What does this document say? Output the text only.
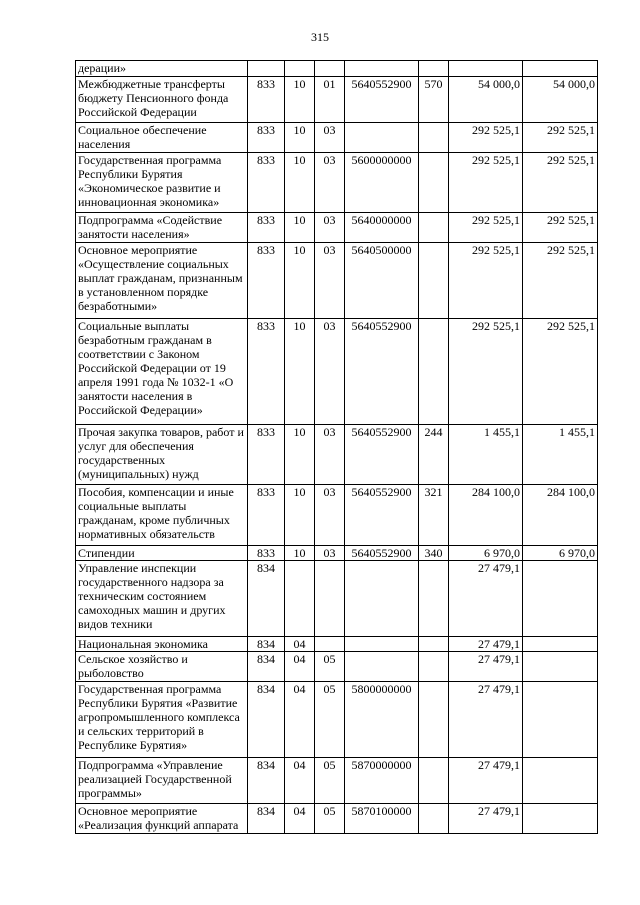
315
дерации»							
Межбюджетные трансферты бюджету Пенсионного фонда Российской Федерации	833	10	01	5640552900	570	54 000,0	54 000,0
Социальное обеспечение населения	833	10	03			292 525,1	292 525,1
Государственная программа Республики Бурятия «Экономическое развитие и инновационная экономика»	833	10	03	5600000000		292 525,1	292 525,1
Подпрограмма «Содействие занятости населения»	833	10	03	5640000000		292 525,1	292 525,1
Основное мероприятие «Осуществление социальных выплат гражданам, признанным в установленном порядке безработными»	833	10	03	5640500000		292 525,1	292 525,1
Социальные выплаты безработным гражданам в соответствии с Законом Российской Федерации от 19 апреля 1991 года № 1032-1 «О занятости населения в Российской Федерации»	833	10	03	5640552900		292 525,1	292 525,1
Прочая закупка товаров, работ и услуг для обеспечения государственных (муниципальных) нужд	833	10	03	5640552900	244	1 455,1	1 455,1
Пособия, компенсации и иные социальные выплаты гражданам, кроме публичных нормативных обязательств	833	10	03	5640552900	321	284 100,0	284 100,0
Стипендии	833	10	03	5640552900	340	6 970,0	6 970,0
Управление инспекции государственного надзора за техническим состоянием самоходных машин и других видов техники	834					27 479,1	
Национальная экономика	834	04				27 479,1	
Сельское хозяйство и рыболовство	834	04	05			27 479,1	
Государственная программа Республики Бурятия «Развитие агропромышленного комплекса и сельских территорий в Республике Бурятия»	834	04	05	5800000000		27 479,1	
Подпрограмма «Управление реализацией Государственной программы»	834	04	05	5870000000		27 479,1	
Основное мероприятие «Реализация функций аппарата	834	04	05	5870100000		27 479,1	
